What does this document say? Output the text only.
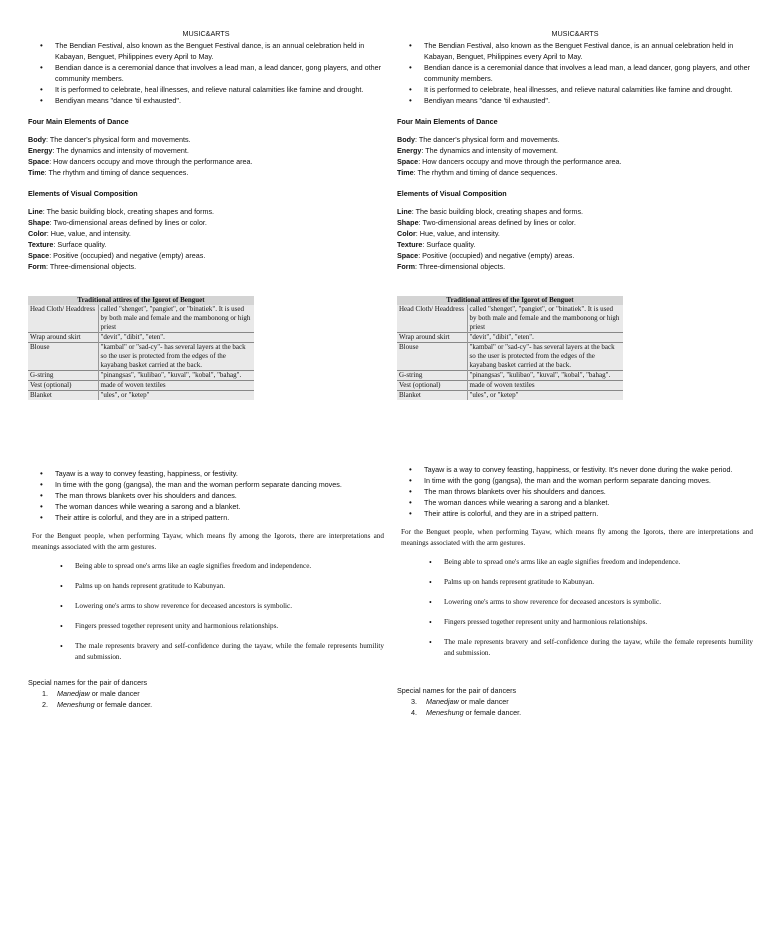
MUSIC&ARTS
• The Bendian Festival, also known as the Benguet Festival dance, is an annual celebration held in Kabayan, Benguet, Philippines every April to May.
• Bendian dance is a ceremonial dance that involves a lead man, a lead dancer, gong players, and other community members.
• It is performed to celebrate, heal illnesses, and relieve natural calamities like famine and drought.
• Bendiyan means "dance 'til exhausted".
Four Main Elements of Dance
Body: The dancer's physical form and movements.
Energy: The dynamics and intensity of movement.
Space: How dancers occupy and move through the performance area.
Time: The rhythm and timing of dance sequences.
Elements of Visual Composition
Line: The basic building block, creating shapes and forms.
Shape: Two-dimensional areas defined by lines or color.
Color: Hue, value, and intensity.
Texture: Surface quality.
Space: Positive (occupied) and negative (empty) areas.
Form: Three-dimensional objects.
Traditional attires of the Igorot of Benguet
Head Cloth/ Headdress	called "shenget", "pangiet", or "binatiek". It is used by both male and female and the mambonong or high priest
Wrap around skirt	"devit", "dibit", "eten".
Blouse	"kambal" or "sad-cy"- has several layers at the back so the user is protected from the edges of the kayabang basket carried at the back.
G-string	"pinangsas", "kulibao", "kuval", "kobal", "bahag".
Vest (optional)	made of woven textiles
Blanket	"ules", or "ketep"
• Tayaw is a way to convey feasting, happiness, or festivity.
• In time with the gong (gangsa), the man and the woman perform separate dancing moves.
• The man throws blankets over his shoulders and dances.
• The woman dances while wearing a sarong and a blanket.
• Their attire is colorful, and they are in a striped pattern.

For the Benguet people, when performing Tayaw, which means fly among the Igorots, there are interpretations and meanings associated with the arm gestures.

• Being able to spread one's arms like an eagle signifies freedom and independence.
• Palms up on hands represent gratitude to Kabunyan.
• Lowering one's arms to show reverence for deceased ancestors is symbolic.
• Fingers pressed together represent unity and harmonious relationships.
• The male represents bravery and self-confidence during the tayaw, while the female represents humility and submission.
Special names for the pair of dancers
1. Manedjaw or male dancer
2. Meneshung or female dancer.
MUSIC&ARTS
• The Bendian Festival, also known as the Benguet Festival dance, is an annual celebration held in Kabayan, Benguet, Philippines every April to May.
• Bendian dance is a ceremonial dance that involves a lead man, a lead dancer, gong players, and other community members.
• It is performed to celebrate, heal illnesses, and relieve natural calamities like famine and drought.
• Bendiyan means "dance 'til exhausted".
Four Main Elements of Dance
Body: The dancer's physical form and movements.
Energy: The dynamics and intensity of movement.
Space: How dancers occupy and move through the performance area.
Time: The rhythm and timing of dance sequences.
Elements of Visual Composition
Line: The basic building block, creating shapes and forms.
Shape: Two-dimensional areas defined by lines or color.
Color: Hue, value, and intensity.
Texture: Surface quality.
Space: Positive (occupied) and negative (empty) areas.
Form: Three-dimensional objects.
Traditional attires of the Igorot of Benguet
Head Cloth/ Headdress	called "shenget", "pangiet", or "binatiek". It is used by both male and female and the mambonong or high priest
Wrap around skirt	"devit", "dibit", "eten".
Blouse	"kambal" or "sad-cy"- has several layers at the back so the user is protected from the edges of the kayabang basket carried at the back.
G-string	"pinangsas", "kulibao", "kuval", "kobal", "bahag".
Vest (optional)	made of woven textiles
Blanket	"ules", or "ketep"
• Tayaw is a way to convey feasting, happiness, or festivity. It's never done during the wake period.
• In time with the gong (gangsa), the man and the woman perform separate dancing moves.
• The man throws blankets over his shoulders and dances.
• The woman dances while wearing a sarong and a blanket.
• Their attire is colorful, and they are in a striped pattern.

For the Benguet people, when performing Tayaw, which means fly among the Igorots, there are interpretations and meanings associated with the arm gestures.

• Being able to spread one's arms like an eagle signifies freedom and independence.
• Palms up on hands represent gratitude to Kabunyan.
• Lowering one's arms to show reverence for deceased ancestors is symbolic.
• Fingers pressed together represent unity and harmonious relationships.
• The male represents bravery and self-confidence during the tayaw, while the female represents humility and submission.
Special names for the pair of dancers
3. Manedjaw or male dancer
4. Meneshung or female dancer.
